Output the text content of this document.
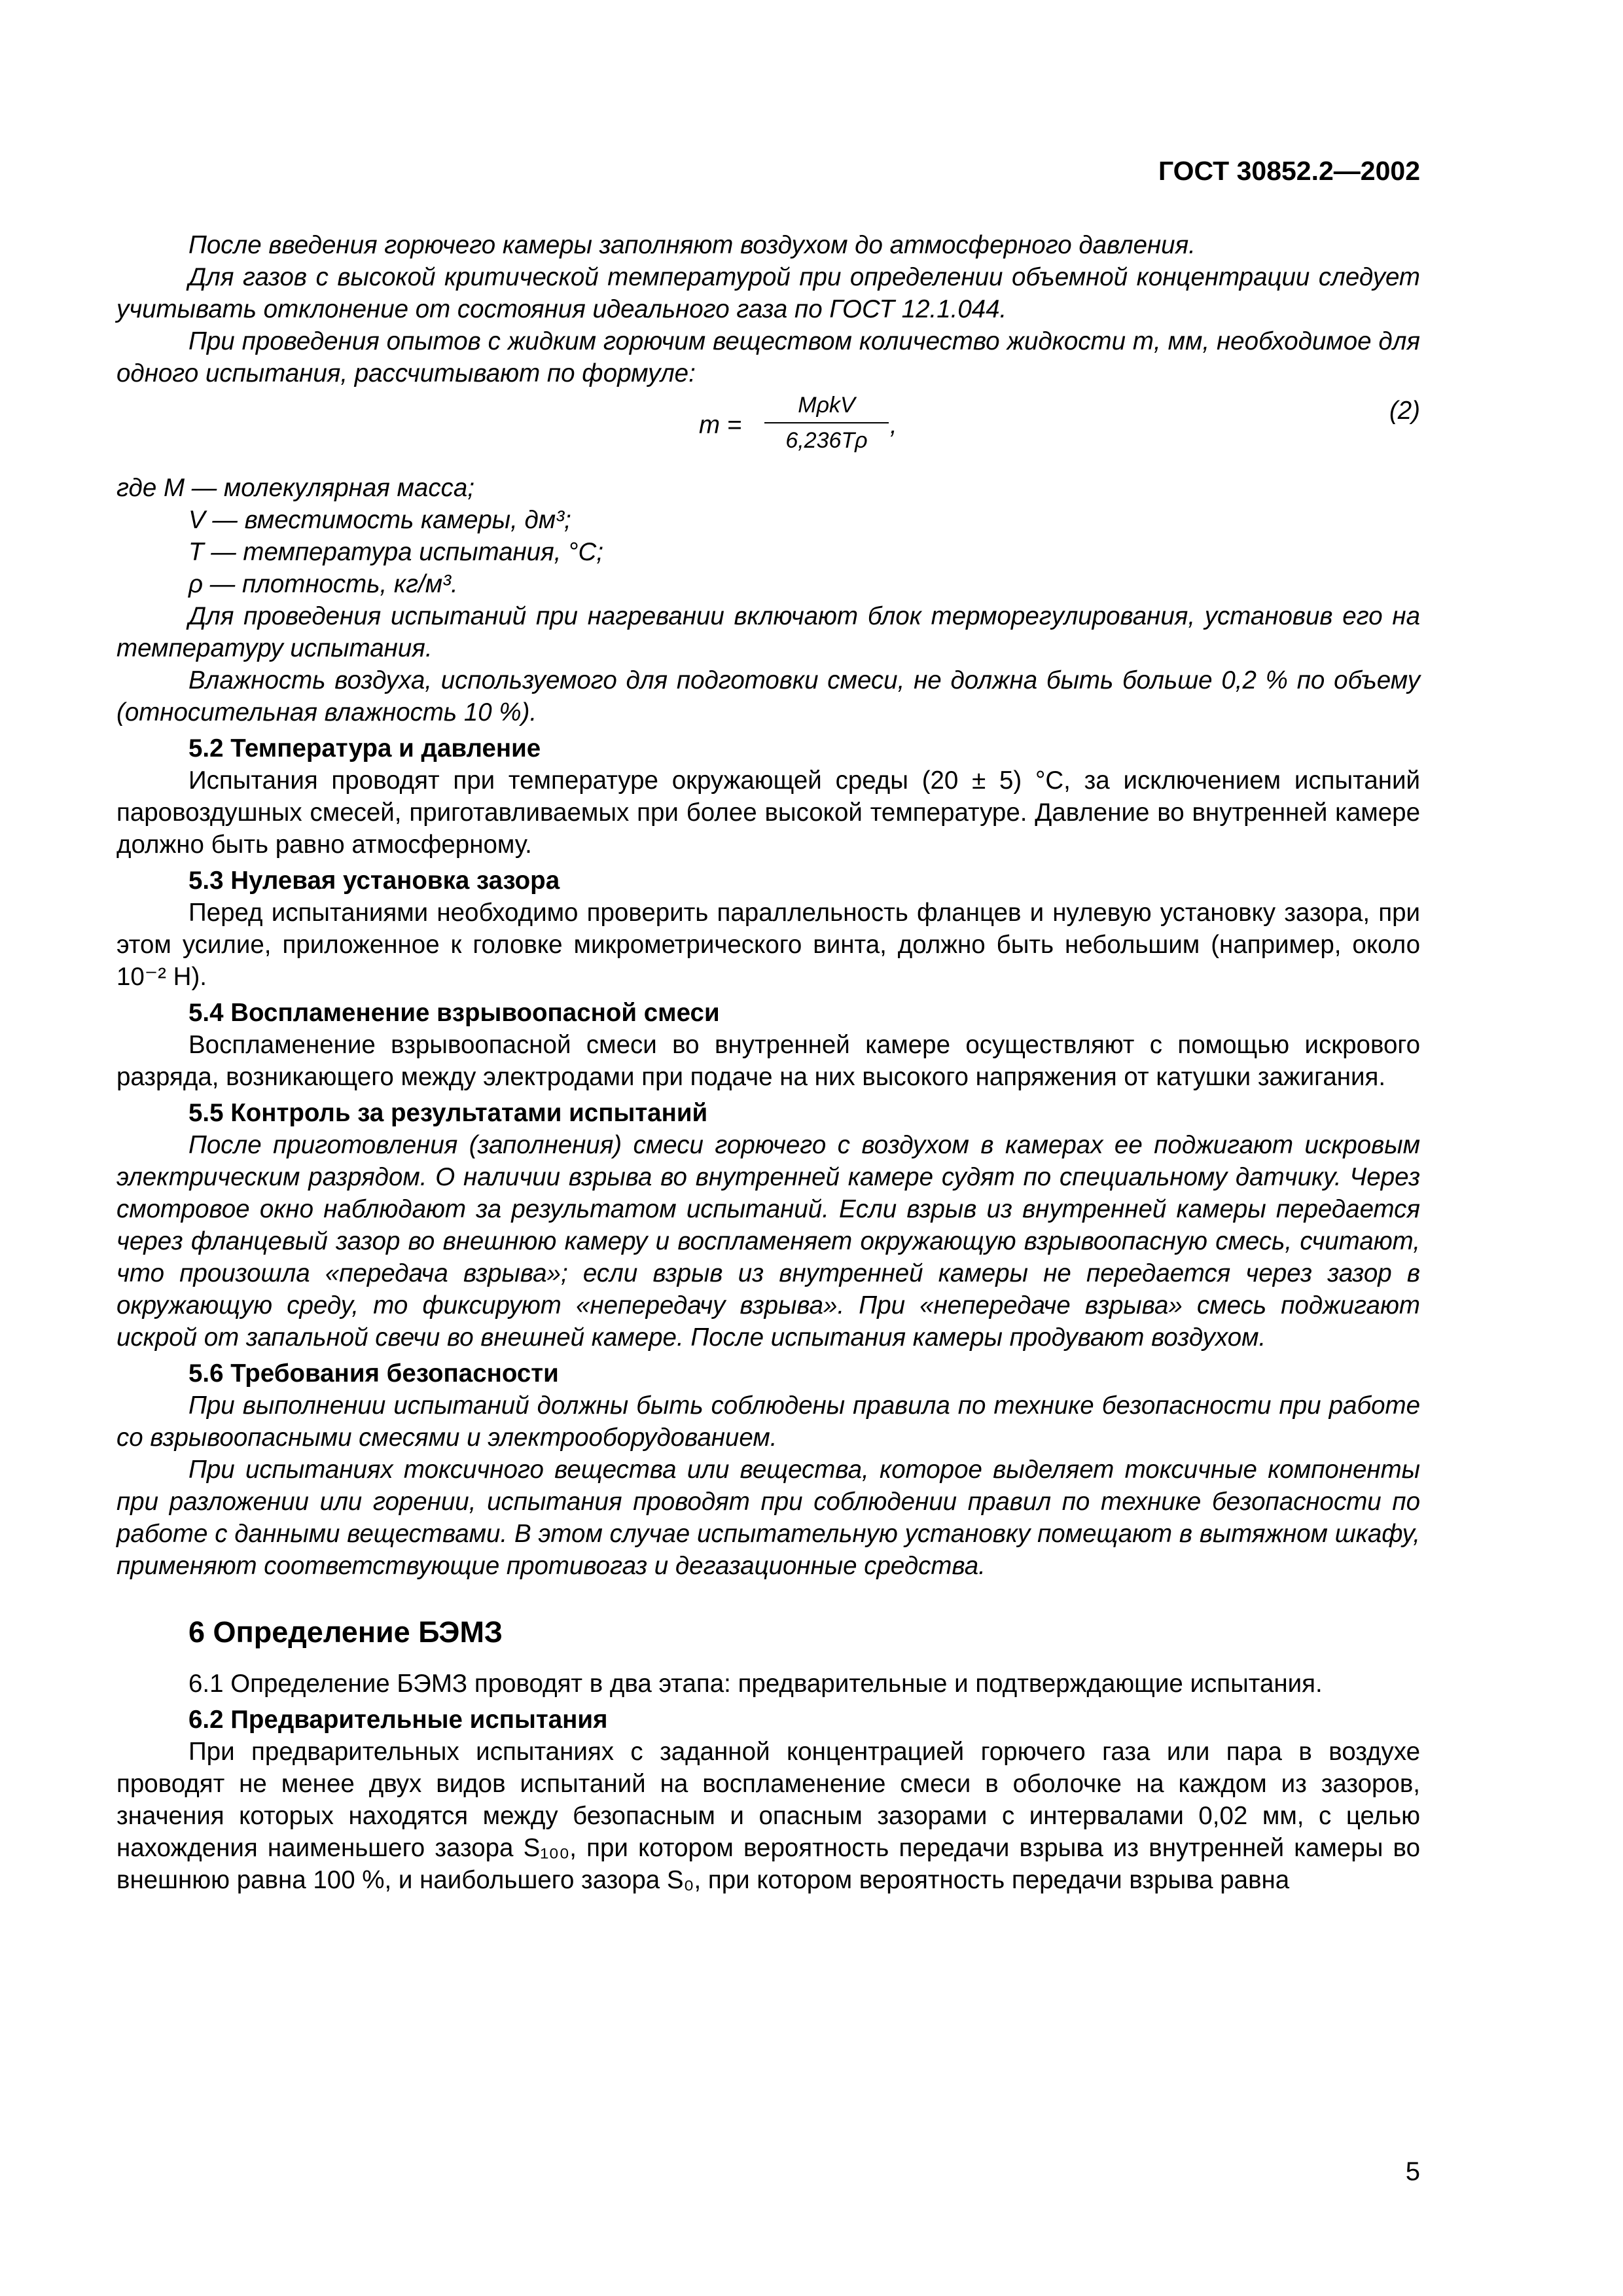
ГОСТ 30852.2—2002

После введения горючего камеры заполняют воздухом до атмосферного давления.

Для газов с высокой критической температурой при определении объемной концентрации следует учитывать отклонение от состояния идеального газа по ГОСТ 12.1.044.

При проведения опытов с жидким горючим веществом количество жидкости m, мм, необходимое для одного испытания, рассчитывают по формуле:

m =
MρkV
6,236Tρ
,
(2)

где M — молекулярная масса;

V — вместимость камеры, дм³;

T — температура испытания, °С;

ρ — плотность, кг/м³.

Для проведения испытаний при нагревании включают блок терморегулирования, установив его на температуру испытания.

Влажность воздуха, используемого для подготовки смеси, не должна быть больше 0,2 % по объему (относительная влажность 10 %).

5.2 Температура и давление

Испытания проводят при температуре окружающей среды (20 ± 5) °С, за исключением испытаний паровоздушных смесей, приготавливаемых при более высокой температуре. Давление во внутренней камере должно быть равно атмосферному.

5.3 Нулевая установка зазора

Перед испытаниями необходимо проверить параллельность фланцев и нулевую установку зазора, при этом усилие, приложенное к головке микрометрического винта, должно быть небольшим (например, около 10⁻² Н).

5.4 Воспламенение взрывоопасной смеси

Воспламенение взрывоопасной смеси во внутренней камере осуществляют с помощью искрового разряда, возникающего между электродами при подаче на них высокого напряжения от катушки зажигания.

5.5 Контроль за результатами испытаний

После приготовления (заполнения) смеси горючего с воздухом в камерах ее поджигают искровым электрическим разрядом. О наличии взрыва во внутренней камере судят по специальному датчику. Через смотровое окно наблюдают за результатом испытаний. Если взрыв из внутренней камеры передается через фланцевый зазор во внешнюю камеру и воспламеняет окружающую взрывоопасную смесь, считают, что произошла «передача взрыва»; если взрыв из внутренней камеры не передается через зазор в окружающую среду, то фиксируют «непередачу взрыва». При «непередаче взрыва» смесь поджигают искрой от запальной свечи во внешней камере. После испытания камеры продувают воздухом.

5.6 Требования безопасности

При выполнении испытаний должны быть соблюдены правила по технике безопасности при работе со взрывоопасными смесями и электрооборудованием.

При испытаниях токсичного вещества или вещества, которое выделяет токсичные компоненты при разложении или горении, испытания проводят при соблюдении правил по технике безопасности по работе с данными веществами. В этом случае испытательную установку помещают в вытяжном шкафу, применяют соответствующие противогаз и дегазационные средства.

6 Определение БЭМЗ

6.1 Определение БЭМЗ проводят в два этапа: предварительные и подтверждающие испытания.

6.2 Предварительные испытания

При предварительных испытаниях с заданной концентрацией горючего газа или пара в воздухе проводят не менее двух видов испытаний на воспламенение смеси в оболочке на каждом из зазоров, значения которых находятся между безопасным и опасным зазорами с интервалами 0,02 мм, с целью нахождения наименьшего зазора S₁₀₀, при котором вероятность передачи взрыва из внутренней камеры во внешнюю равна 100 %, и наибольшего зазора S₀, при котором вероятность передачи взрыва равна

5
